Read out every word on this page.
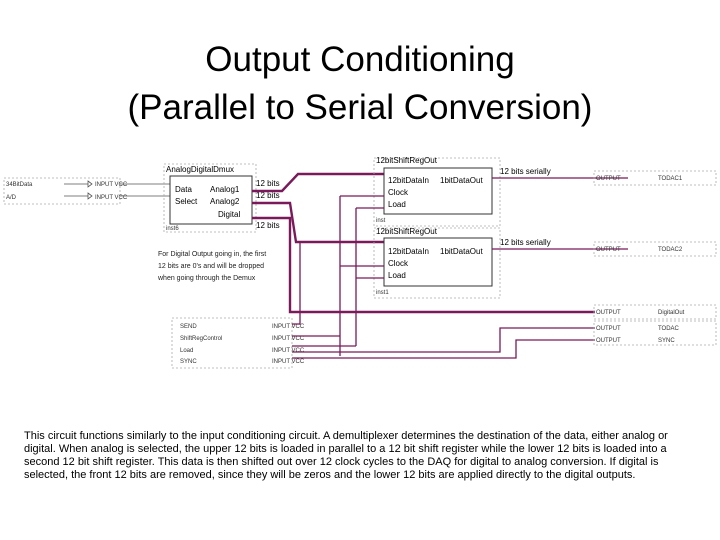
Output Conditioning
(Parallel to Serial Conversion)
34BitData	INPUT VCC
A/D	INPUT VCC
AnalogDigitalDmux
Data
Select
Analog1
Analog2
Digital
inst6
12 bits
12 bits
12 bits
For Digital Output going in, the first
12 bits are 0's and will be dropped
when going through the Demux
12bitShiftRegOut
12bitDataIn
Clock
Load
1bitDataOut
inst
12bitShiftRegOut
12bitDataIn
Clock
Load
1bitDataOut
inst1
12 bits serially
12 bits serially
SEND
ShiftRegControl
Load
SYNC
INPUT VCC
INPUT VCC
INPUT VCC
INPUT VCC
OUTPUT	TODAC1
OUTPUT	TODAC2
OUTPUT	DigitalOut
OUTPUT	TODAC
OUTPUT	SYNC
This circuit functions similarly to the input conditioning circuit. A demultiplexer determines the destination of the data, either analog or digital. When analog is selected, the upper 12 bits is loaded in parallel to a 12 bit shift register while the lower 12 bits is loaded into a second 12 bit shift register. This data is then shifted out over 12 clock cycles to the DAQ for digital to analog conversion. If digital is selected, the front 12 bits are removed, since they will be zeros and the lower 12 bits are applied directly to the digital outputs.
